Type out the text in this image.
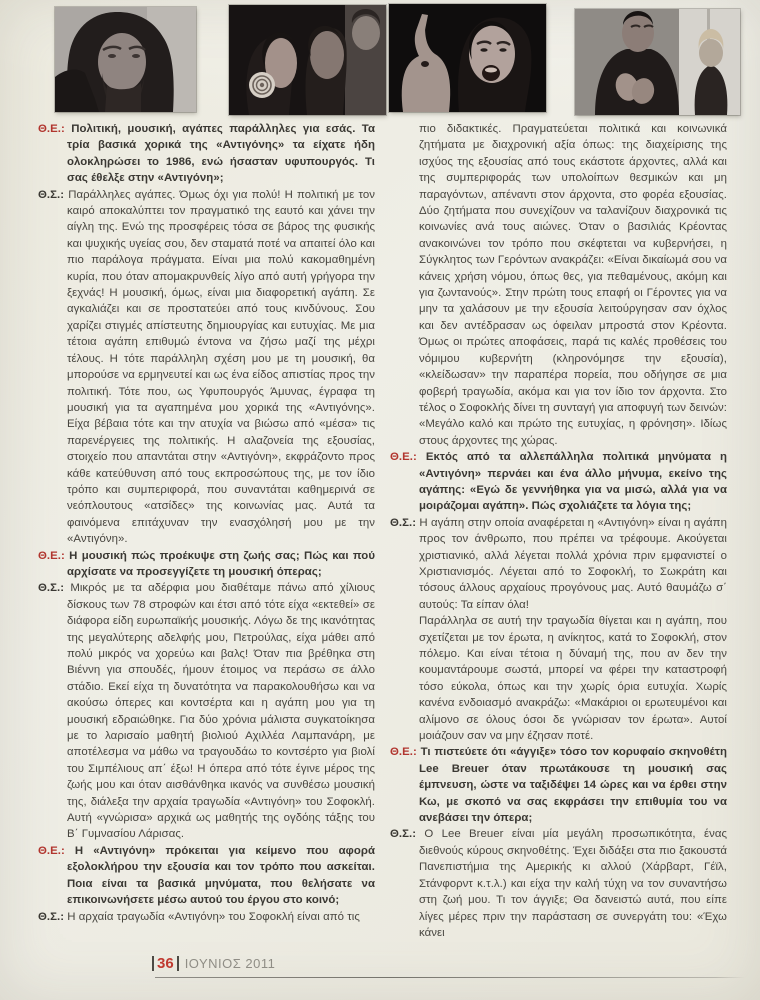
Θ.Ε.: Πολιτική, μουσική, αγάπες παράλληλες για εσάς. Τα τρία βασικά χορικά της «Αντιγόνης» τα είχατε ήδη ολοκληρώσει το 1986, ενώ ήσασταν υφυπουργός. Τι σας έθελξε στην «Αντιγόνη»;

Θ.Σ.: Παράλληλες αγάπες. Όμως όχι για πολύ! Η πολιτική με τον καιρό αποκαλύπτει τον πραγματικό της εαυτό και χάνει την αίγλη της. Ενώ της προσφέρεις τόσα σε βάρος της φυσικής και ψυχικής υγείας σου, δεν σταματά ποτέ να απαιτεί όλο και πιο παράλογα πράγματα. Είναι μια πολύ κακομαθημένη κυρία, που όταν απομακρυνθείς λίγο από αυτή γρήγορα την ξεχνάς! Η μουσική, όμως, είναι μια διαφορετική αγάπη. Σε αγκαλιάζει και σε προστατεύει από τους κινδύνους. Σου χαρίζει στιγμές απίστευτης δημιουργίας και ευτυχίας. Με μια τέτοια αγάπη επιθυμώ έντονα να ζήσω μαζί της μέχρι τέλους. Η τότε παράλληλη σχέση μου με τη μουσική, θα μπορούσε να ερμηνευτεί και ως ένα είδος απιστίας προς την πολιτική. Τότε που, ως Υφυπουργός Άμυνας, έγραφα τη μουσική για τα αγαπημένα μου χορικά της «Αντιγόνης». Είχα βέβαια τότε και την ατυχία να βιώσω από «μέσα» τις παρενέργειες της πολιτικής. Η αλαζονεία της εξουσίας, στοιχείο που απαντάται στην «Αντιγόνη», εκφράζοντο προς κάθε κατεύθυνση από τους εκπροσώπους της, με τον ίδιο τρόπο και συμπεριφορά, που συναντάται καθημερινά σε νεόπλουτους «ατσίδες» της κοινωνίας μας. Αυτά τα φαινόμενα επιτάχυναν την ενασχόλησή μου με την «Αντιγόνη».

Θ.Ε.: Η μουσική πώς προέκυψε στη ζωής σας; Πώς και πού αρχίσατε να προσεγγίζετε τη μουσική όπερας;

Θ.Σ.: Μικρός με τα αδέρφια μου διαθέταμε πάνω από χίλιους δίσκους των 78 στροφών και έτσι από τότε είχα «εκτεθεί» σε διάφορα είδη ευρωπαϊκής μουσικής. Λόγω δε της ικανότητας της μεγαλύτερης αδελφής μου, Πετρούλας, είχα μάθει από πολύ μικρός να χορεύω και βαλς! Όταν πια βρέθηκα στη Βιέννη για σπουδές, ήμουν έτοιμος να περάσω σε άλλο στάδιο. Εκεί είχα τη δυνατότητα να παρακολουθήσω και να ακούσω όπερες και κοντσέρτα και η αγάπη μου για τη μουσική εδραιώθηκε. Για δύο χρόνια μάλιστα συγκατοίκησα με το λαρισαίο μαθητή βιολιού Αχιλλέα Λαμπανάρη, με αποτέλεσμα να μάθω να τραγουδάω το κοντσέρτο για βιολί του Σιμπέλιους απ΄ έξω! Η όπερα από τότε έγινε μέρος της ζωής μου και όταν αισθάνθηκα ικανός να συνθέσω μουσική της, διάλεξα την αρχαία τραγωδία «Αντιγόνη» του Σοφοκλή. Αυτή «γνώρισα» αρχικά ως μαθητής της ογδόης τάξης του Β΄ Γυμνασίου Λάρισας.

Θ.Ε.: Η «Αντιγόνη» πρόκειται για κείμενο που αφορά εξολοκλήρου την εξουσία και τον τρόπο που ασκείται. Ποια είναι τα βασικά μηνύματα, που θελήσατε να επικοινωνήσετε μέσω αυτού του έργου στο κοινό;

Θ.Σ.: Η αρχαία τραγωδία «Αντιγόνη» του Σοφοκλή είναι από τις

πιο διδακτικές. Πραγματεύεται πολιτικά και κοινωνικά ζητήματα με διαχρονική αξία όπως: της διαχείρισης της ισχύος της εξουσίας από τους εκάστοτε άρχοντες, αλλά και της συμπεριφοράς των υπολοίπων θεσμικών και μη παραγόντων, απέναντι στον άρχοντα, στο φορέα εξουσίας. Δύο ζητήματα που συνεχίζουν να ταλανίζουν διαχρονικά τις κοινωνίες ανά τους αιώνες. Όταν ο βασιλιάς Κρέοντας ανακοινώνει τον τρόπο που σκέφτεται να κυβερνήσει, η Σύγκλητος των Γερόντων ανακράζει: «Είναι δικαίωμά σου να κάνεις χρήση νόμου, όπως θες, για πεθαμένους, ακόμη και για ζωντανούς». Στην πρώτη τους επαφή οι Γέροντες για να μην τα χαλάσουν με την εξουσία λειτούργησαν σαν όχλος και δεν αντέδρασαν ως όφειλαν μπροστά στον Κρέοντα. Όμως οι πρώτες αποφάσεις, παρά τις καλές προθέσεις του νόμιμου κυβερνήτη (κληρονόμησε την εξουσία), «κλείδωσαν» την παραπέρα πορεία, που οδήγησε σε μια φοβερή τραγωδία, ακόμα και για τον ίδιο τον άρχοντα. Στο τέλος ο Σοφοκλής δίνει τη συνταγή για αποφυγή των δεινών: «Μεγάλο καλό και πρώτο της ευτυχίας, η φρόνηση». Ιδίως στους άρχοντες της χώρας.

Θ.Ε.: Εκτός από τα αλλεπάλληλα πολιτικά μηνύματα η «Αντιγόνη» περνάει και ένα άλλο μήνυμα, εκείνο της αγάπης: «Εγώ δε γεννήθηκα για να μισώ, αλλά για να μοιράζομαι αγάπη». Πώς σχολιάζετε τα λόγια της;

Θ.Σ.: Η αγάπη στην οποία αναφέρεται η «Αντιγόνη» είναι η αγάπη προς τον άνθρωπο, που πρέπει να τρέφουμε. Ακούγεται χριστιανικό, αλλά λέγεται πολλά χρόνια πριν εμφανιστεί ο Χριστιανισμός. Λέγεται από το Σοφοκλή, το Σωκράτη και τόσους άλλους αρχαίους προγόνους μας. Αυτό θαυμάζω σ΄ αυτούς: Τα είπαν όλα!

Παράλληλα σε αυτή την τραγωδία θίγεται και η αγάπη, που σχετίζεται με τον έρωτα, η ανίκητος, κατά το Σοφοκλή, στον πόλεμο. Και είναι τέτοια η δύναμή της, που αν δεν την κουμαντάρουμε σωστά, μπορεί να φέρει την καταστροφή τόσο εύκολα, όπως και την χωρίς όρια ευτυχία. Χωρίς κανένα ενδοιασμό ανακράζω: «Μακάριοι οι ερωτευμένοι και αλίμονο σε όλους όσοι δε γνώρισαν τον έρωτα». Αυτοί μοιάζουν σαν να μην έζησαν ποτέ.

Θ.Ε.: Τι πιστεύετε ότι «άγγιξε» τόσο τον κορυφαίο σκηνοθέτη Lee Breuer όταν πρωτάκουσε τη μουσική σας έμπνευση, ώστε να ταξιδέψει 14 ώρες και να έρθει στην Κω, με σκοπό να σας εκφράσει την επιθυμία του να ανεβάσει την όπερα;

Θ.Σ.: Ο Lee Breuer είναι μία μεγάλη προσωπικότητα, ένας διεθνούς κύρους σκηνοθέτης. Έχει διδάξει στα πιο ξακουστά Πανεπιστήμια της Αμερικής κι αλλού (Χάρβαρτ, Γέϊλ, Στάνφορντ κ.τ.λ.) και είχα την καλή τύχη να τον συναντήσω στη ζωή μου. Τι τον άγγιξε; Θα δανειστώ αυτά, που είπε λίγες μέρες πριν την παράσταση σε συνεργάτη του: «Έχω κάνει

36 ΙΟΥΝΙΟΣ 2011
